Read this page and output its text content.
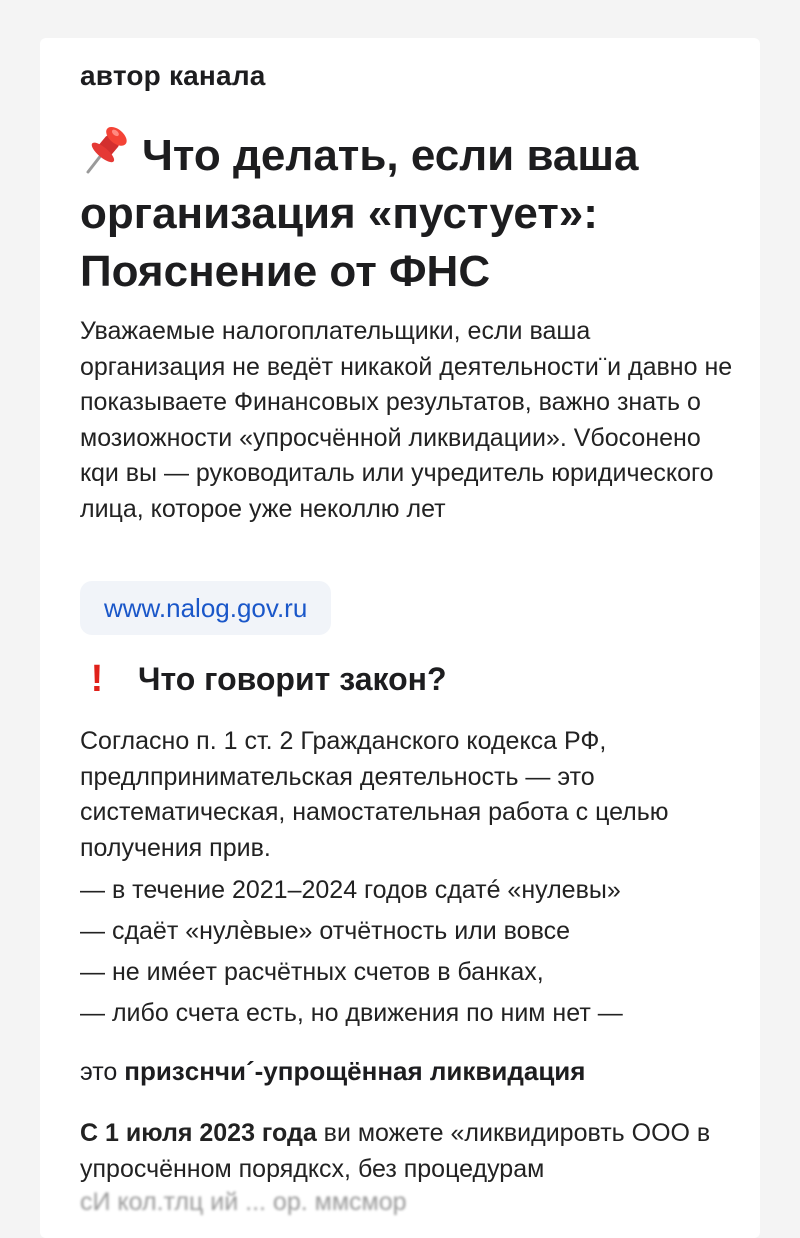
автор канала
Что делать, если ваша организация «пустует»: Пояснение от ФНС

Уважаемые налогоплательщики, если ваша организация не ведёт никакой деятельности¨и давно не показываете Финансовых результатов, важно знать о мозиожности «упросчённой ликвидации». Vбосонено кqи вы — руководиталь или учредитель юридического лица, которое уже неколлю лет

www.nalog.gov.ru
!	Что говорит закон?

Согласно п. 1 ст. 2 Гражданского кодекса РФ, предлпринимательская деятельность — это систематическая, намостательная работа с целью получения прив.

— в течение 2021–2024 годов сдатé «нулевы»
— сдаёт «нулѐвые» отчётность или вовсе
— не имéeт расчётных счетов в банках,
— либо счета есть, но движения по ним нет —
это призcнчи´-упрощённая ликвидация

С 1 июля 2023 года ви можете «ликвидировть ООО в упросчённом порядксх, без процедурам

сИ кол.тлц ий ... ор. ммсмор
